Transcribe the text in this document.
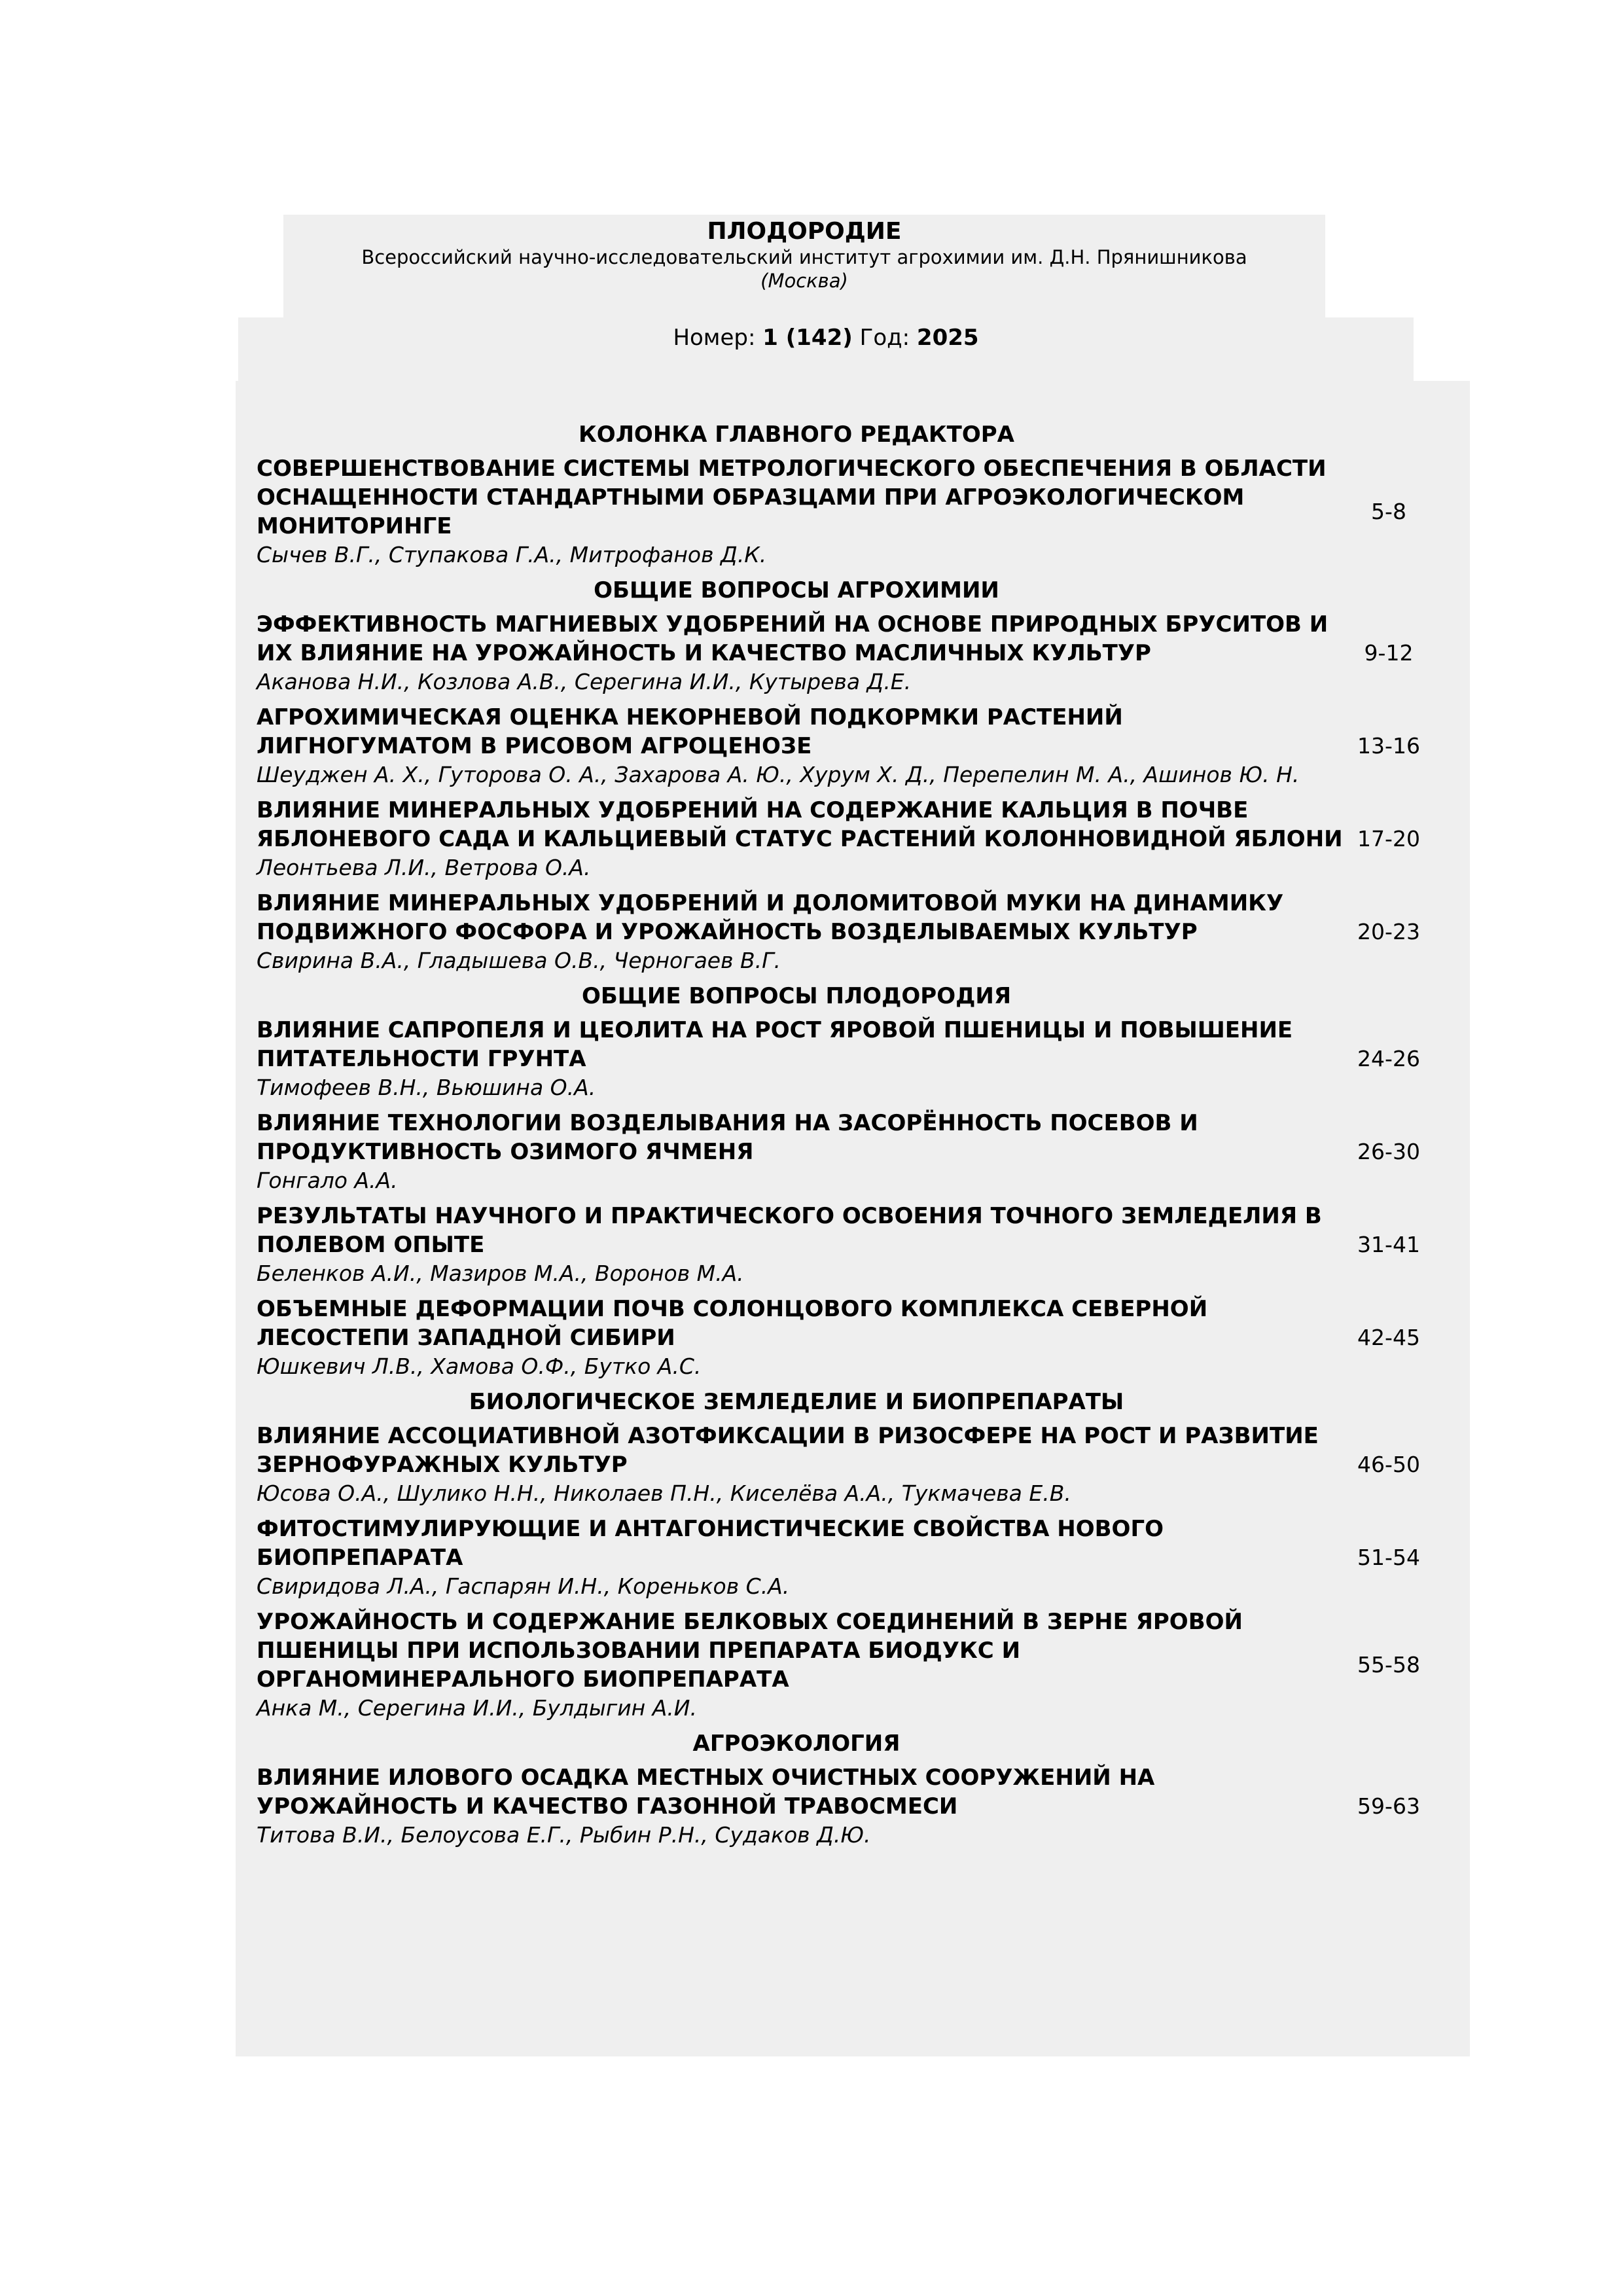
ПЛОДОРОДИЕ
Всероссийский научно-исследовательский институт агрохимии им. Д.Н. Прянишникова
(Москва)
Номер: 1 (142) Год: 2025
КОЛОНКА ГЛАВНОГО РЕДАКТОРА
СОВЕРШЕНСТВОВАНИЕ СИСТЕМЫ МЕТРОЛОГИЧЕСКОГО ОБЕСПЕЧЕНИЯ В ОБЛАСТИ ОСНАЩЕННОСТИ СТАНДАРТНЫМИ ОБРАЗЦАМИ ПРИ АГРОЭКОЛОГИЧЕСКОМ МОНИТОРИНГЕ
Сычев В.Г., Ступакова Г.А., Митрофанов Д.К.
5-8
ОБЩИЕ ВОПРОСЫ АГРОХИМИИ
ЭФФЕКТИВНОСТЬ МАГНИЕВЫХ УДОБРЕНИЙ НА ОСНОВЕ ПРИРОДНЫХ БРУСИТОВ И ИХ ВЛИЯНИЕ НА УРОЖАЙНОСТЬ И КАЧЕСТВО МАСЛИЧНЫХ КУЛЬТУР
Аканова Н.И., Козлова А.В., Серегина И.И., Кутырева Д.Е.
9-12
АГРОХИМИЧЕСКАЯ ОЦЕНКА НЕКОРНЕВОЙ ПОДКОРМКИ РАСТЕНИЙ ЛИГНОГУМАТОМ В РИСОВОМ АГРОЦЕНОЗЕ
Шеуджен А. Х., Гуторова О. А., Захарова А. Ю., Хурум Х. Д., Перепелин М. А., Ашинов Ю. Н.
13-16
ВЛИЯНИЕ МИНЕРАЛЬНЫХ УДОБРЕНИЙ НА СОДЕРЖАНИЕ КАЛЬЦИЯ В ПОЧВЕ ЯБЛОНЕВОГО САДА И КАЛЬЦИЕВЫЙ СТАТУС РАСТЕНИЙ КОЛОННОВИДНОЙ ЯБЛОНИ
Леонтьева Л.И., Ветрова О.А.
17-20
ВЛИЯНИЕ МИНЕРАЛЬНЫХ УДОБРЕНИЙ И ДОЛОМИТОВОЙ МУКИ НА ДИНАМИКУ ПОДВИЖНОГО ФОСФОРА И УРОЖАЙНОСТЬ ВОЗДЕЛЫВАЕМЫХ КУЛЬТУР
Свирина В.А., Гладышева О.В., Черногаев В.Г.
20-23
ОБЩИЕ ВОПРОСЫ ПЛОДОРОДИЯ
ВЛИЯНИЕ САПРОПЕЛЯ И ЦЕОЛИТА НА РОСТ ЯРОВОЙ ПШЕНИЦЫ И ПОВЫШЕНИЕ ПИТАТЕЛЬНОСТИ ГРУНТА
Тимофеев В.Н., Вьюшина О.А.
24-26
ВЛИЯНИЕ ТЕХНОЛОГИИ ВОЗДЕЛЫВАНИЯ НА ЗАСОРЁННОСТЬ ПОСЕВОВ И ПРОДУКТИВНОСТЬ ОЗИМОГО ЯЧМЕНЯ
Гонгало А.А.
26-30
РЕЗУЛЬТАТЫ НАУЧНОГО И ПРАКТИЧЕСКОГО ОСВОЕНИЯ ТОЧНОГО ЗЕМЛЕДЕЛИЯ В ПОЛЕВОМ ОПЫТЕ
Беленков А.И., Мазиров М.А., Воронов М.А.
31-41
ОБЪЕМНЫЕ ДЕФОРМАЦИИ ПОЧВ СОЛОНЦОВОГО КОМПЛЕКСА СЕВЕРНОЙ ЛЕСОСТЕПИ ЗАПАДНОЙ СИБИРИ
Юшкевич Л.В., Хамова О.Ф., Бутко А.С.
42-45
БИОЛОГИЧЕСКОЕ ЗЕМЛЕДЕЛИЕ И БИОПРЕПАРАТЫ
ВЛИЯНИЕ АССОЦИАТИВНОЙ АЗОТФИКСАЦИИ В РИЗОСФЕРЕ НА РОСТ И РАЗВИТИЕ ЗЕРНОФУРАЖНЫХ КУЛЬТУР
Юсова О.А., Шулико Н.Н., Николаев П.Н., Киселёва А.А., Тукмачева Е.В.
46-50
ФИТОСТИМУЛИРУЮЩИЕ И АНТАГОНИСТИЧЕСКИЕ СВОЙСТВА НОВОГО БИОПРЕПАРАТА
Свиридова Л.А., Гаспарян И.Н., Кореньков С.А.
51-54
УРОЖАЙНОСТЬ И СОДЕРЖАНИЕ БЕЛКОВЫХ СОЕДИНЕНИЙ В ЗЕРНЕ ЯРОВОЙ ПШЕНИЦЫ ПРИ ИСПОЛЬЗОВАНИИ ПРЕПАРАТА БИОДУКС И ОРГАНОМИНЕРАЛЬНОГО БИОПРЕПАРАТА
Анка М., Серегина И.И., Булдыгин А.И.
55-58
АГРОЭКОЛОГИЯ
ВЛИЯНИЕ ИЛОВОГО ОСАДКА МЕСТНЫХ ОЧИСТНЫХ СООРУЖЕНИЙ НА УРОЖАЙНОСТЬ И КАЧЕСТВО ГАЗОННОЙ ТРАВОСМЕСИ
Титова В.И., Белоусова Е.Г., Рыбин Р.Н., Судаков Д.Ю.
59-63
